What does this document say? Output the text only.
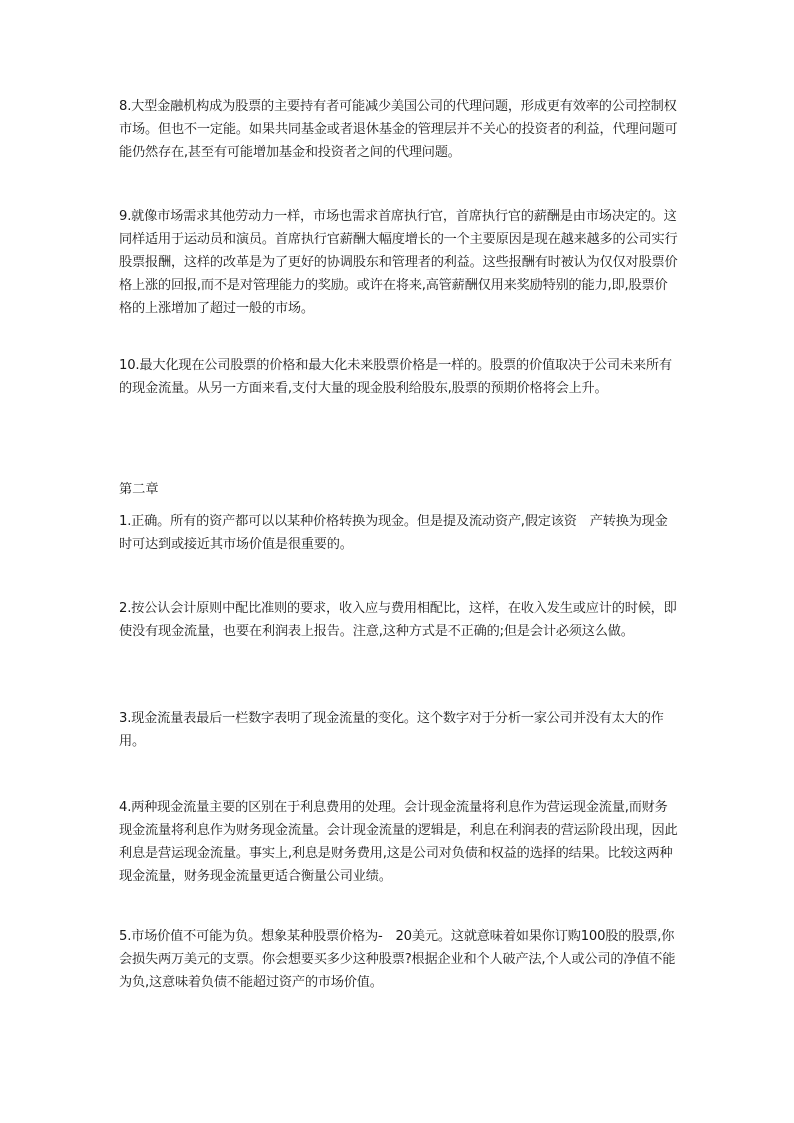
8.大型金融机构成为股票的主要持有者可能减少美国公司的代理问题，形成更有效率的公司控制权市场。但也不一定能。如果共同基金或者退休基金的管理层并不关心的投资者的利益，代理问题可能仍然存在,甚至有可能增加基金和投资者之间的代理问题。

9.就像市场需求其他劳动力一样，市场也需求首席执行官，首席执行官的薪酬是由市场决定的。这同样适用于运动员和演员。首席执行官薪酬大幅度增长的一个主要原因是现在越来越多的公司实行股票报酬，这样的改革是为了更好的协调股东和管理者的利益。这些报酬有时被认为仅仅对股票价格上涨的回报,而不是对管理能力的奖励。或许在将来,高管薪酬仅用来奖励特别的能力,即,股票价格的上涨增加了超过一般的市场。

10.最大化现在公司股票的价格和最大化未来股票价格是一样的。股票的价值取决于公司未来所有的现金流量。从另一方面来看,支付大量的现金股利给股东,股票的预期价格将会上升。

第二章

1.正确。所有的资产都可以以某种价格转换为现金。但是提及流动资产,假定该资　产转换为现金时可达到或接近其市场价值是很重要的。

2.按公认会计原则中配比准则的要求，收入应与费用相配比，这样，在收入发生或应计的时候，即使没有现金流量，也要在利润表上报告。注意,这种方式是不正确的;但是会计必须这么做。

3.现金流量表最后一栏数字表明了现金流量的变化。这个数字对于分析一家公司并没有太大的作用。

4.两种现金流量主要的区别在于利息费用的处理。会计现金流量将利息作为营运现金流量,而财务现金流量将利息作为财务现金流量。会计现金流量的逻辑是，利息在利润表的营运阶段出现，因此利息是营运现金流量。事实上,利息是财务费用,这是公司对负债和权益的选择的结果。比较这两种现金流量，财务现金流量更适合衡量公司业绩。

5.市场价值不可能为负。想象某种股票价格为-　20美元。这就意味着如果你订购100股的股票,你会损失两万美元的支票。你会想要买多少这种股票?根据企业和个人破产法,个人或公司的净值不能为负,这意味着负债不能超过资产的市场价值。
